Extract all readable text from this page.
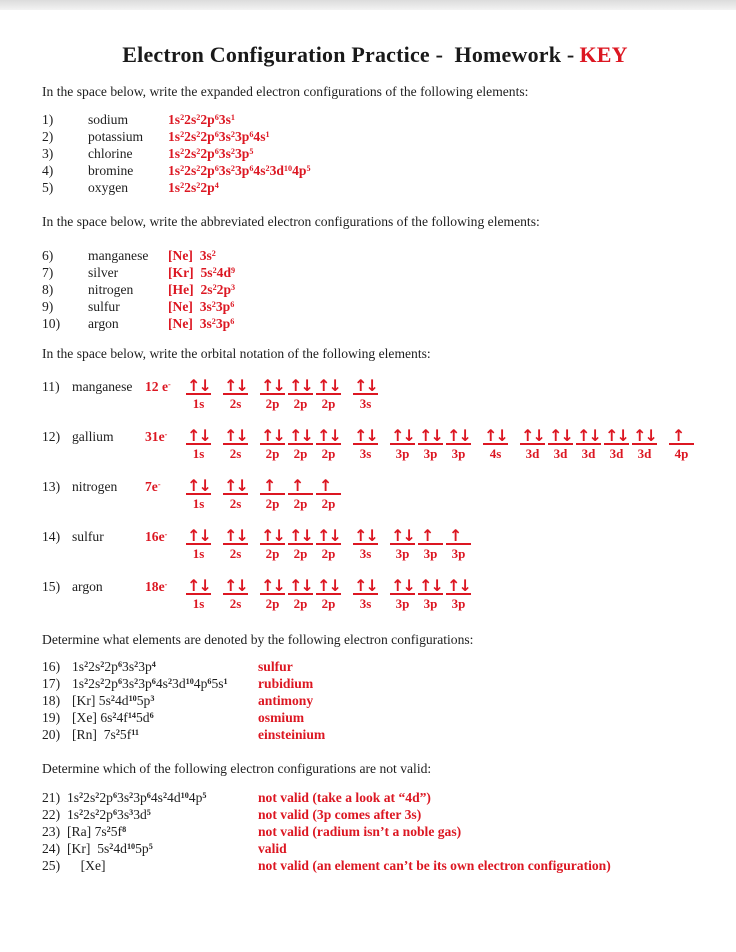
Electron Configuration Practice -  Homework - KEY
In the space below, write the expanded electron configurations of the following elements:
1)	sodium	$1s^22s^22p^63s^1$
2)	potassium	$1s^22s^22p^63s^23p^64s^1$
3)	chlorine	$1s^22s^22p^63s^23p^5$
4)	bromine	$1s^22s^22p^63s^23p^64s^23d^{10}4p^5$
5)	oxygen	$1s^22s^22p^4$
In the space below, write the abbreviated electron configurations of the following elements:
6)	manganese	[Ne]  $3s^2$
7)	silver	[Kr]  $5s^24d^9$
8)	nitrogen	[He]  $2s^22p^3$
9)	sulfur	[Ne]  $3s^23p^6$
10)	argon	[Ne]  $3s^23p^6$
In the space below, write the orbital notation of the following elements:
11) manganese 12 e-	↑↓
1s
↑↓
2s
↑↓
2p
↑↓
2p
↑↓
2p
↑↓
3s
12) gallium	31e-	↑↓
1s
↑↓
2s
↑↓
2p
↑↓
2p
↑↓
2p
↑↓
3s
↑↓
3p
↑↓
3p
↑↓
3p
↑↓
4s
↑↓
3d
↑↓
3d
↑↓
3d
↑↓
3d
↑↓
3d
↑
4p
13) nitrogen	7e-	↑↓
1s
↑↓
2s
↑
2p
↑
2p
↑
2p
14) sulfur	16e-	↑↓
1s
↑↓
2s
↑↓
2p
↑↓
2p
↑↓
2p
↑↓
3s
↑↓
3p
↑
3p
↑
3p
15) argon	18e-	↑↓
1s
↑↓
2s
↑↓
2p
↑↓
2p
↑↓
2p
↑↓
3s
↑↓
3p
↑↓
3p
↑↓
3p
Determine what elements are denoted by the following electron configurations:
16) $1s^22s^22p^63s^23p^4$	sulfur
17) $1s^22s^22p^63s^23p^64s^23d^{10}4p^65s^1$	rubidium
18) [Kr] $5s^24d^{10}5p^3$	antimony
19) [Xe] $6s^24f^{14}5d^6$	osmium
20) [Rn]  $7s^25f^{11}$	einsteinium
Determine which of the following electron configurations are not valid:
21) $1s^22s^22p^63s^23p^64s^24d^{10}4p^5$	not valid (take a look at “4d”)
22) $1s^22s^22p^63s^33d^5$	not valid (3p comes after 3s)
23) [Ra] $7s^25f^8$	not valid (radium isn’t a noble gas)
24) [Kr]  $5s^24d^{10}5p^5$	valid
25) [Xe]	not valid (an element can’t be its own electron configuration)
